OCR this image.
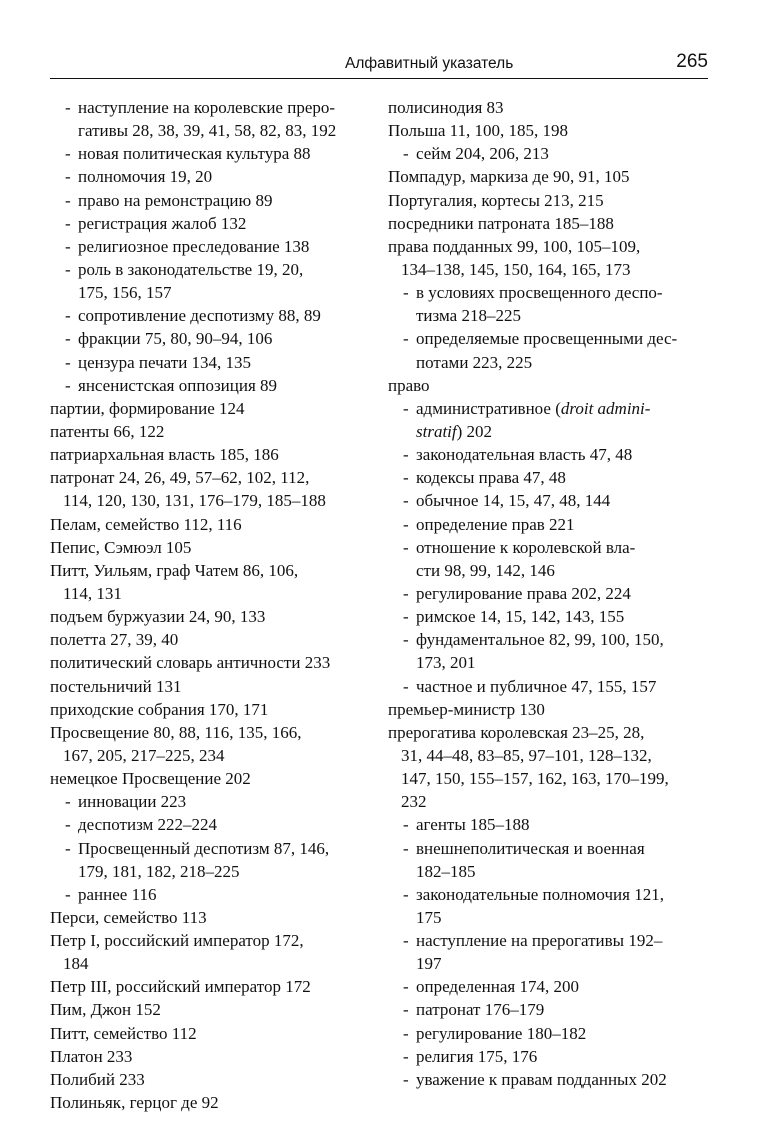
Алфавитный указатель	265
- наступление на королевские преро-
гативы 28, 38, 39, 41, 58, 82, 83, 192
- новая политическая культура 88
- полномочия 19, 20
- право на ремонстрацию 89
- регистрация жалоб 132
- религиозное преследование 138
- роль в законодательстве 19, 20,
175, 156, 157
- сопротивление деспотизму 88, 89
- фракции 75, 80, 90–94, 106
- цензура печати 134, 135
- янсенистская оппозиция 89
партии, формирование 124
патенты 66, 122
патриархальная власть 185, 186
патронат 24, 26, 49, 57–62, 102, 112,
114, 120, 130, 131, 176–179, 185–188
Пелам, семейство 112, 116
Пепис, Сэмюэл 105
Питт, Уильям, граф Чатем 86, 106,
114, 131
подъем буржуазии 24, 90, 133
полетта 27, 39, 40
политический словарь античности 233
постельничий 131
приходские собрания 170, 171
Просвещение 80, 88, 116, 135, 166,
167, 205, 217–225, 234
немецкое Просвещение 202
- инновации 223
- деспотизм 222–224
- Просвещенный деспотизм 87, 146,
179, 181, 182, 218–225
- раннее 116
Перси, семейство 113
Петр I, российский император 172,
184
Петр III, российский император 172
Пим, Джон 152
Питт, семейство 112
Платон 233
Полибий 233
Полиньяк, герцог де 92
полисинодия 83
Польша 11, 100, 185, 198
- сейм 204, 206, 213
Помпадур, маркиза де 90, 91, 105
Португалия, кортесы 213, 215
посредники патроната 185–188
права подданных 99, 100, 105–109,
134–138, 145, 150, 164, 165, 173
- в условиях просвещенного деспо-
тизма 218–225
- определяемые просвещенными дес-
потами 223, 225
право
- административное (droit admini-
stratif) 202
- законодательная власть 47, 48
- кодексы права 47, 48
- обычное 14, 15, 47, 48, 144
- определение прав 221
- отношение к королевской вла-
сти 98, 99, 142, 146
- регулирование права 202, 224
- римское 14, 15, 142, 143, 155
- фундаментальное 82, 99, 100, 150,
173, 201
- частное и публичное 47, 155, 157
премьер-министр 130
прерогатива королевская 23–25, 28,
31, 44–48, 83–85, 97–101, 128–132,
147, 150, 155–157, 162, 163, 170–199,
232
- агенты 185–188
- внешнеполитическая и военная
182–185
- законодательные полномочия 121,
175
- наступление на прерогативы 192–
197
- определенная 174, 200
- патронат 176–179
- регулирование 180–182
- религия 175, 176
- уважение к правам подданных 202
